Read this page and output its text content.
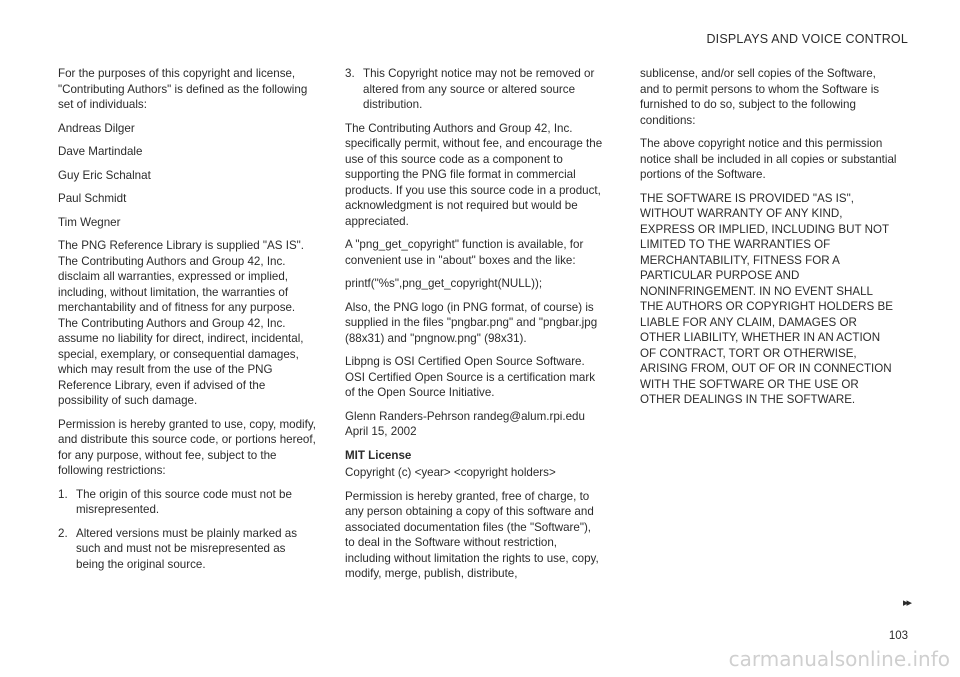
DISPLAYS AND VOICE CONTROL

For the purposes of this copyright and license, "Contributing Authors" is defined as the following set of individuals:

Andreas Dilger

Dave Martindale

Guy Eric Schalnat

Paul Schmidt

Tim Wegner

The PNG Reference Library is supplied "AS IS". The Contributing Authors and Group 42, Inc. disclaim all warranties, expressed or implied, including, without limitation, the warranties of merchantability and of fitness for any purpose. The Contributing Authors and Group 42, Inc. assume no liability for direct, indirect, incidental, special, exemplary, or consequential damages, which may result from the use of the PNG Reference Library, even if advised of the possibility of such damage.

Permission is hereby granted to use, copy, modify, and distribute this source code, or portions hereof, for any purpose, without fee, subject to the following restrictions:

1. The origin of this source code must not be misrepresented.
2. Altered versions must be plainly marked as such and must not be misrepresented as being the original source.
3. This Copyright notice may not be removed or altered from any source or altered source distribution.

The Contributing Authors and Group 42, Inc. specifically permit, without fee, and encourage the use of this source code as a component to supporting the PNG file format in commercial products. If you use this source code in a product, acknowledgment is not required but would be appreciated.

A "png_get_copyright" function is available, for convenient use in "about" boxes and the like:

printf("%s",png_get_copyright(NULL));

Also, the PNG logo (in PNG format, of course) is supplied in the files "pngbar.png" and "pngbar.jpg (88x31) and "pngnow.png" (98x31).

Libpng is OSI Certified Open Source Software. OSI Certified Open Source is a certification mark of the Open Source Initiative.

Glenn Randers-Pehrson randeg@alum.rpi.edu
April 15, 2002

MIT License

Copyright (c) <year> <copyright holders>

Permission is hereby granted, free of charge, to any person obtaining a copy of this software and associated documentation files (the "Software"), to deal in the Software without restriction, including without limitation the rights to use, copy, modify, merge, publish, distribute,

sublicense, and/or sell copies of the Software, and to permit persons to whom the Software is furnished to do so, subject to the following conditions:

The above copyright notice and this permission notice shall be included in all copies or substantial portions of the Software.

THE SOFTWARE IS PROVIDED "AS IS", WITHOUT WARRANTY OF ANY KIND, EXPRESS OR IMPLIED, INCLUDING BUT NOT LIMITED TO THE WARRANTIES OF MERCHANTABILITY, FITNESS FOR A PARTICULAR PURPOSE AND NONINFRINGEMENT. IN NO EVENT SHALL THE AUTHORS OR COPYRIGHT HOLDERS BE LIABLE FOR ANY CLAIM, DAMAGES OR OTHER LIABILITY, WHETHER IN AN ACTION OF CONTRACT, TORT OR OTHERWISE, ARISING FROM, OUT OF OR IN CONNECTION WITH THE SOFTWARE OR THE USE OR OTHER DEALINGS IN THE SOFTWARE.

▸▸
103
carmanualsonline.info
